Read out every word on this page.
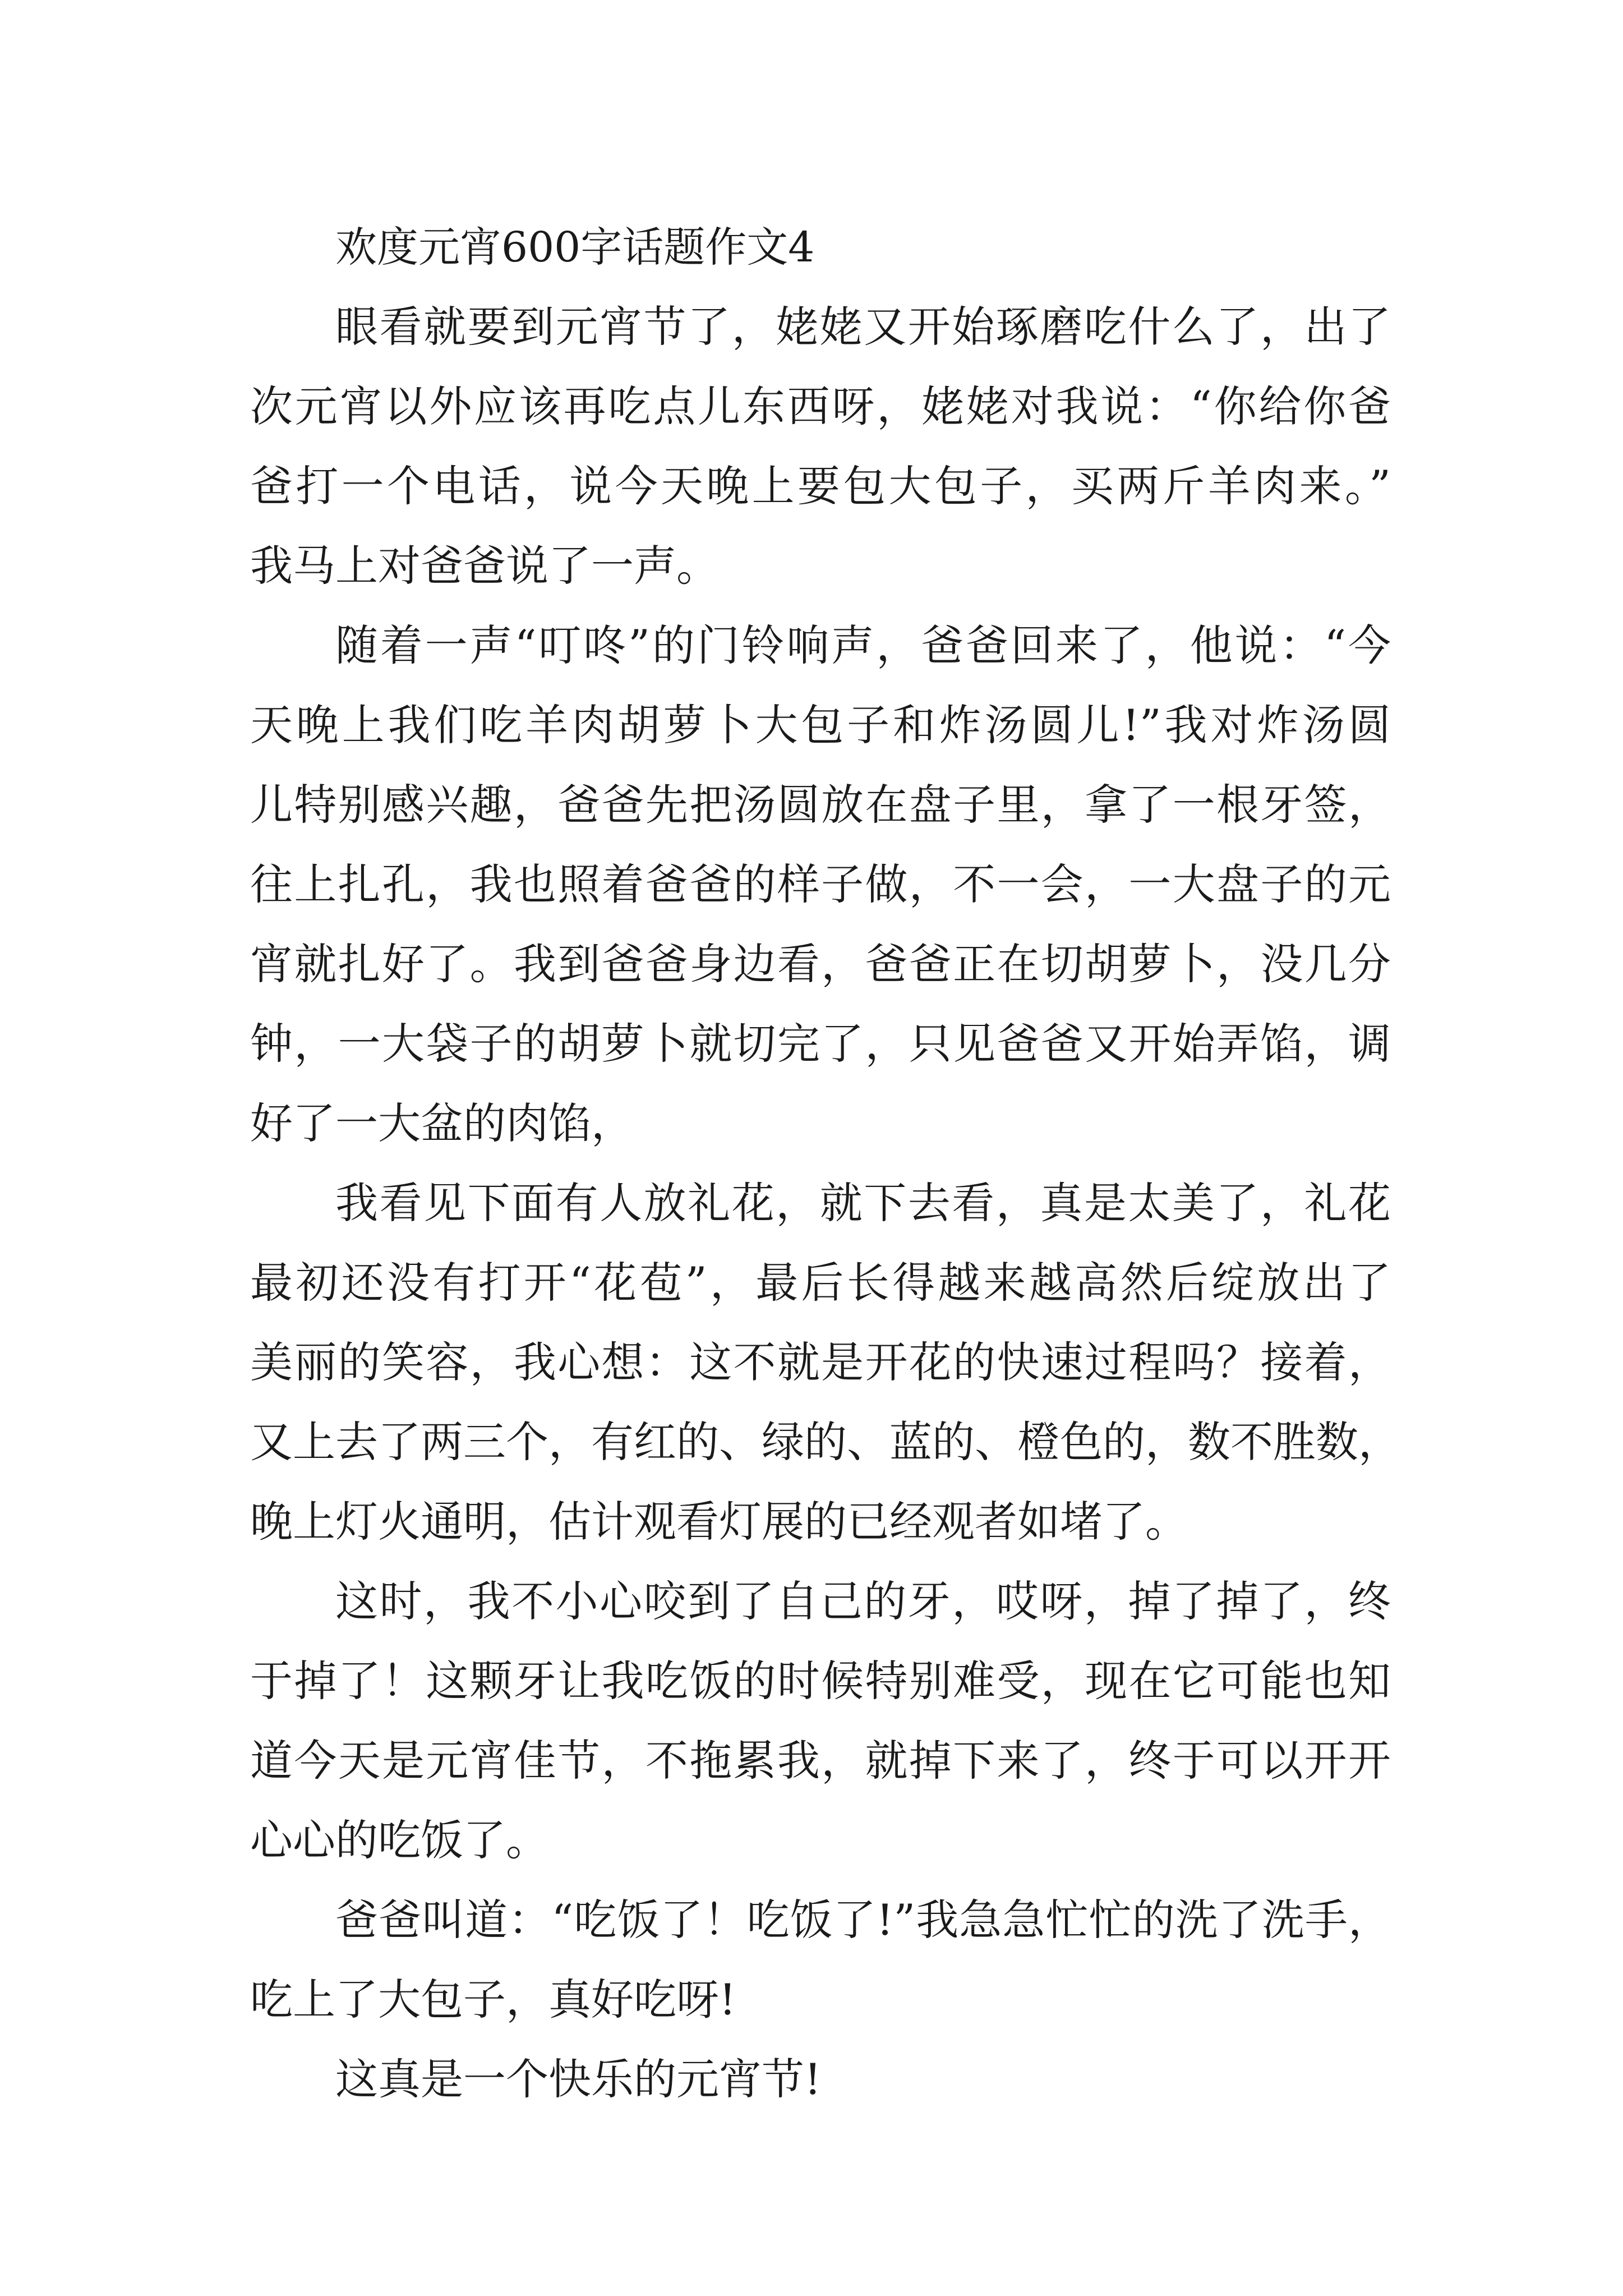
欢度元宵600字话题作文4

眼看就要到元宵节了，姥姥又开始琢磨吃什么了，出了
次元宵以外应该再吃点儿东西呀，姥姥对我说：“你给你爸
爸打一个电话，说今天晚上要包大包子，买两斤羊肉来。”
我马上对爸爸说了一声。
随着一声“叮咚”的门铃响声，爸爸回来了，他说：“今
天晚上我们吃羊肉胡萝卜大包子和炸汤圆儿!”我对炸汤圆
儿特别感兴趣，爸爸先把汤圆放在盘子里，拿了一根牙签，
往上扎孔，我也照着爸爸的样子做，不一会，一大盘子的元
宵就扎好了。我到爸爸身边看，爸爸正在切胡萝卜，没几分
钟，一大袋子的胡萝卜就切完了，只见爸爸又开始弄馅，调
好了一大盆的肉馅，
我看见下面有人放礼花，就下去看，真是太美了，礼花
最初还没有打开“花苞”，最后长得越来越高然后绽放出了
美丽的笑容，我心想：这不就是开花的快速过程吗？接着，
又上去了两三个，有红的、绿的、蓝的、橙色的，数不胜数，
晚上灯火通明，估计观看灯展的已经观者如堵了。
这时，我不小心咬到了自己的牙，哎呀，掉了掉了，终
于掉了！这颗牙让我吃饭的时候特别难受，现在它可能也知
道今天是元宵佳节，不拖累我，就掉下来了，终于可以开开
心心的吃饭了。
爸爸叫道：“吃饭了！吃饭了!”我急急忙忙的洗了洗手，
吃上了大包子，真好吃呀!
这真是一个快乐的元宵节!
